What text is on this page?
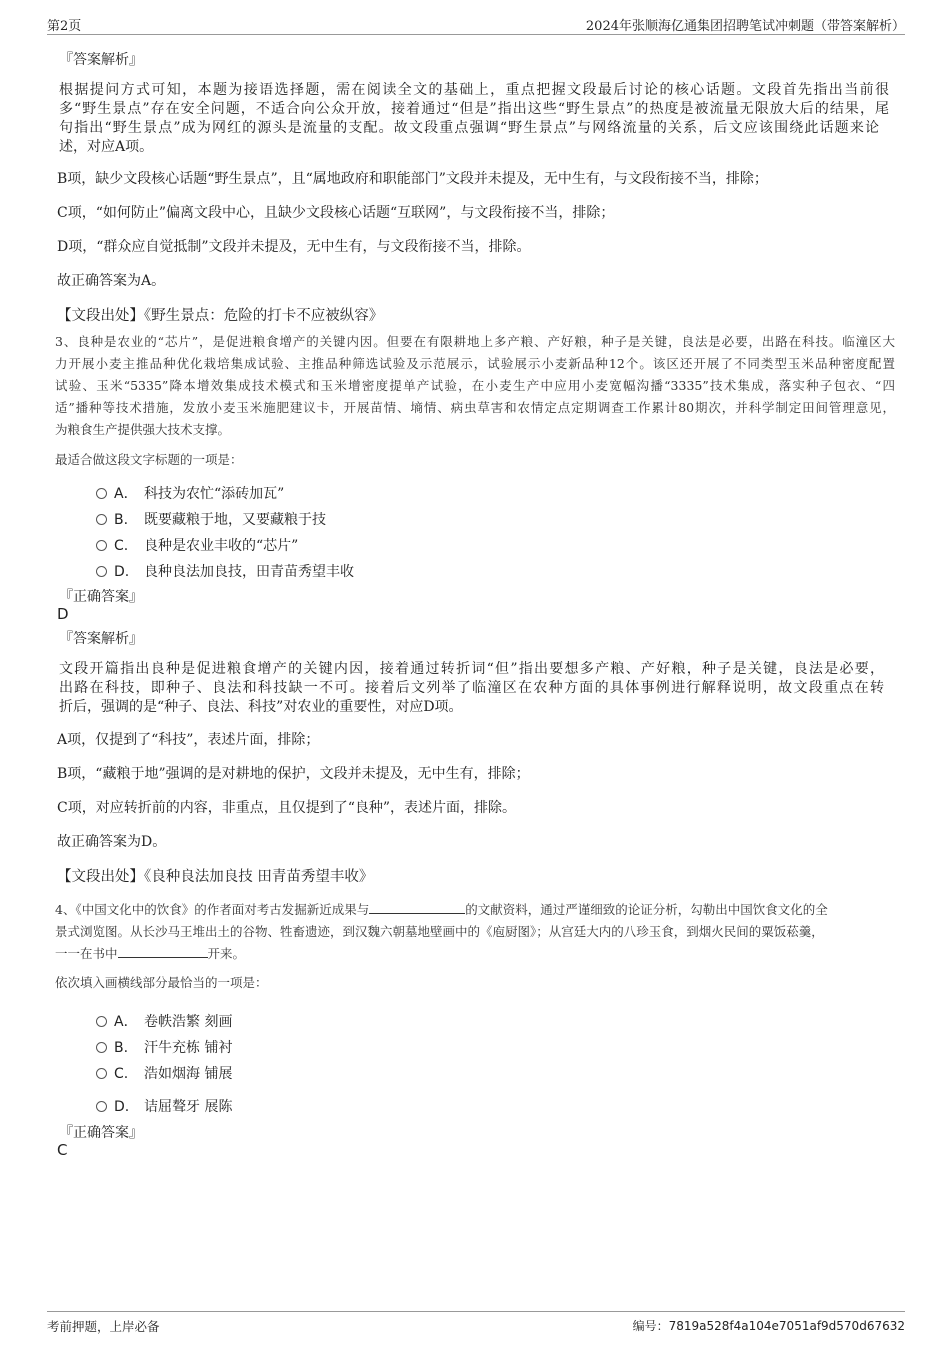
第2页	2024年张顺海亿通集团招聘笔试冲刺题（带答案解析）
『答案解析』
根据提问方式可知，本题为接语选择题，需在阅读全文的基础上，重点把握文段最后讨论的核心话题。文段首先指出当前很
多“野生景点”存在安全问题，不适合向公众开放，接着通过“但是”指出这些“野生景点”的热度是被流量无限放大后的结果，尾
句指出“野生景点”成为网红的源头是流量的支配。故文段重点强调“野生景点”与网络流量的关系，后文应该围绕此话题来论
述，对应A项。
B项，缺少文段核心话题“野生景点”，且“属地政府和职能部门”文段并未提及，无中生有，与文段衔接不当，排除；
C项，“如何防止”偏离文段中心，且缺少文段核心话题“互联网”，与文段衔接不当，排除；
D项，“群众应自觉抵制”文段并未提及，无中生有，与文段衔接不当，排除。
故正确答案为A。
【文段出处】《野生景点：危险的打卡不应被纵容》
3、良种是农业的“芯片”，是促进粮食增产的关键内因。但要在有限耕地上多产粮、产好粮，种子是关键，良法是必要，出路在科技。临潼区大
力开展小麦主推品种优化栽培集成试验、主推品种筛选试验及示范展示，试验展示小麦新品种12个。该区还开展了不同类型玉米品种密度配置
试验、玉米“5335”降本增效集成技术模式和玉米增密度提单产试验，在小麦生产中应用小麦宽幅沟播“3335”技术集成，落实种子包衣、“四
适”播种等技术措施，发放小麦玉米施肥建议卡，开展苗情、墒情、病虫草害和农情定点定期调查工作累计80期次，并科学制定田间管理意见，
为粮食生产提供强大技术支撑。
最适合做这段文字标题的一项是：
A． 科技为农忙“添砖加瓦”
B. 既要藏粮于地，又要藏粮于技
C. 良种是农业丰收的“芯片”
D. 良种良法加良技，田青苗秀望丰收
『正确答案』
D
『答案解析』
文段开篇指出良种是促进粮食增产的关键内因，接着通过转折词“但”指出要想多产粮、产好粮，种子是关键，良法是必要，
出路在科技，即种子、良法和科技缺一不可。接着后文列举了临潼区在农种方面的具体事例进行解释说明，故文段重点在转
折后，强调的是“种子、良法、科技”对农业的重要性，对应D项。
A项，仅提到了“科技”，表述片面，排除；
B项，“藏粮于地”强调的是对耕地的保护，文段并未提及，无中生有，排除；
C项，对应转折前的内容，非重点，且仅提到了“良种”，表述片面，排除。
故正确答案为D。
【文段出处】《良种良法加良技 田青苗秀望丰收》
4、《中国文化中的饮食》的作者面对考古发掘新近成果与	的文献资料，通过严谨细致的论证分析，勾勒出中国饮食文化的全
景式浏览图。从长沙马王堆出土的谷物、牲畜遗迹，到汉魏六朝墓地壁画中的《庖厨图》；从宫廷大内的八珍玉食，到烟火民间的粟饭菘羹，
一一在书中	开来。
依次填入画横线部分最恰当的一项是：
A． 卷帙浩繁 刻画
B. 汗牛充栋 铺衬
C. 浩如烟海 铺展
D. 诘屈聱牙 展陈
『正确答案』
C
考前押题，上岸必备	编号：7819a528f4a104e7051af9d570d67632
